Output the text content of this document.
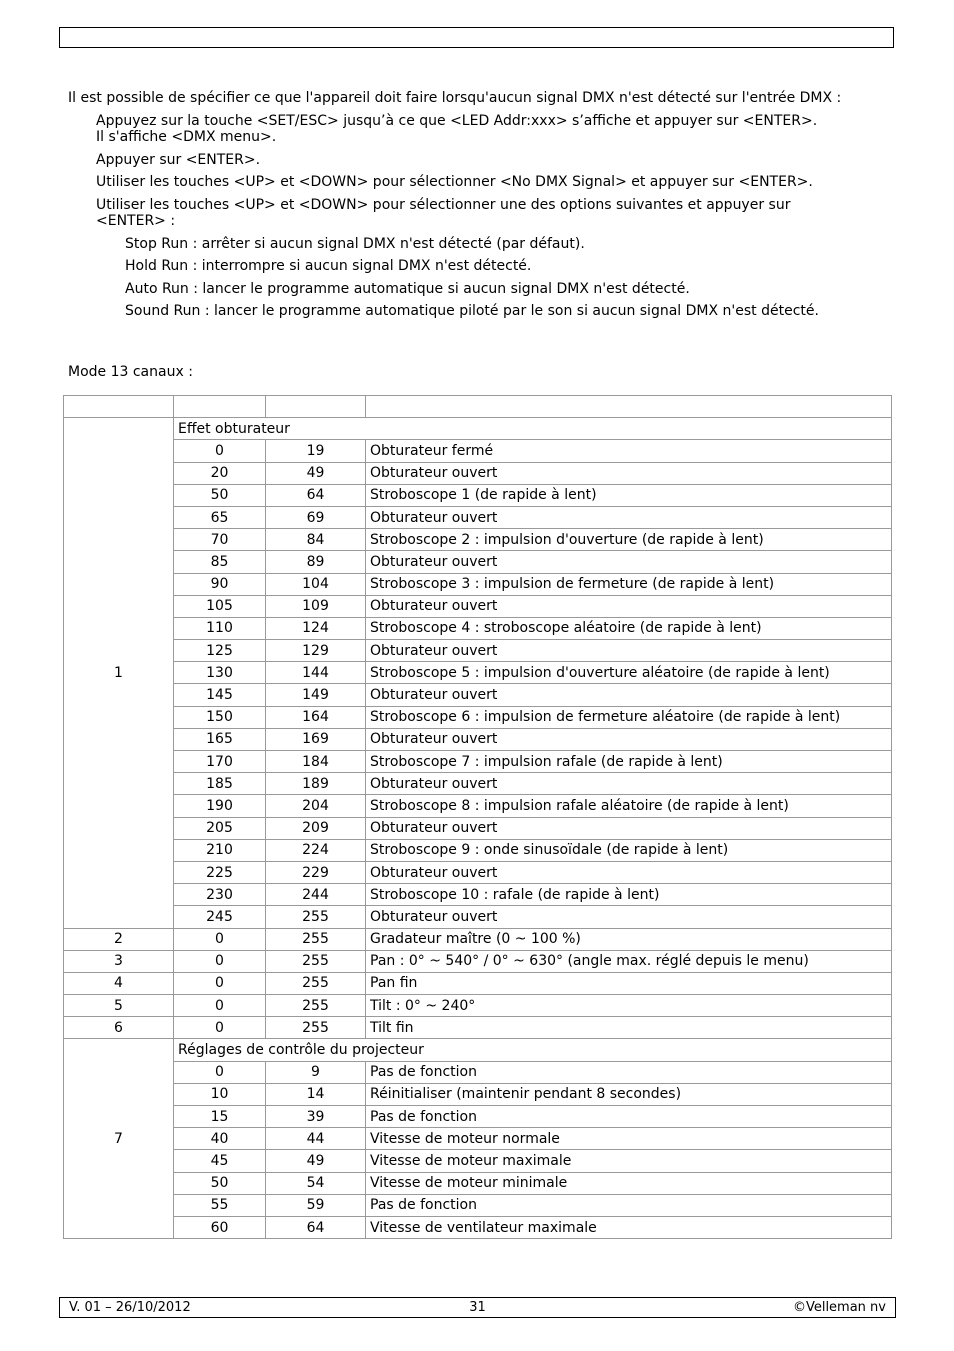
Il est possible de spécifier ce que l'appareil doit faire lorsqu'aucun signal DMX n'est détecté sur l'entrée DMX :

Appuyez sur la touche <SET/ESC> jusqu’à ce que <LED Addr:xxx> s’affiche et appuyer sur <ENTER>.
Il s'affiche <DMX menu>.

Appuyer sur <ENTER>.

Utiliser les touches <UP> et <DOWN> pour sélectionner <No DMX Signal> et appuyer sur <ENTER>.

Utiliser les touches <UP> et <DOWN> pour sélectionner une des options suivantes et appuyer sur
<ENTER> :

Stop Run : arrêter si aucun signal DMX n'est détecté (par défaut).

Hold Run : interrompre si aucun signal DMX n'est détecté.

Auto Run : lancer le programme automatique si aucun signal DMX n'est détecté.

Sound Run : lancer le programme automatique piloté par le son si aucun signal DMX n'est détecté.

Mode 13 canaux :

1	Effet obturateur		
	0	19	Obturateur fermé
	20	49	Obturateur ouvert
	50	64	Stroboscope 1 (de rapide à lent)
	65	69	Obturateur ouvert
	70	84	Stroboscope 2 : impulsion d'ouverture (de rapide à lent)
	85	89	Obturateur ouvert
	90	104	Stroboscope 3 : impulsion de fermeture (de rapide à lent)
	105	109	Obturateur ouvert
	110	124	Stroboscope 4 : stroboscope aléatoire (de rapide à lent)
	125	129	Obturateur ouvert
	130	144	Stroboscope 5 : impulsion d'ouverture aléatoire (de rapide à lent)
	145	149	Obturateur ouvert
	150	164	Stroboscope 6 : impulsion de fermeture aléatoire (de rapide à lent)
	165	169	Obturateur ouvert
	170	184	Stroboscope 7 : impulsion rafale (de rapide à lent)
	185	189	Obturateur ouvert
	190	204	Stroboscope 8 : impulsion rafale aléatoire (de rapide à lent)
	205	209	Obturateur ouvert
	210	224	Stroboscope 9 : onde sinusoïdale (de rapide à lent)
	225	229	Obturateur ouvert
	230	244	Stroboscope 10 : rafale (de rapide à lent)
	245	255	Obturateur ouvert
2	0	255	Gradateur maître (0 ~ 100 %)
3	0	255	Pan : 0° ~ 540° / 0° ~ 630° (angle max. réglé depuis le menu)
4	0	255	Pan fin
5	0	255	Tilt : 0° ~ 240°
6	0	255	Tilt fin
7	Réglages de contrôle du projecteur		
	0	9	Pas de fonction
	10	14	Réinitialiser (maintenir pendant 8 secondes)
	15	39	Pas de fonction
	40	44	Vitesse de moteur normale
	45	49	Vitesse de moteur maximale
	50	54	Vitesse de moteur minimale
	55	59	Pas de fonction
	60	64	Vitesse de ventilateur maximale
V. 01 – 26/10/2012	31	©Velleman nv
